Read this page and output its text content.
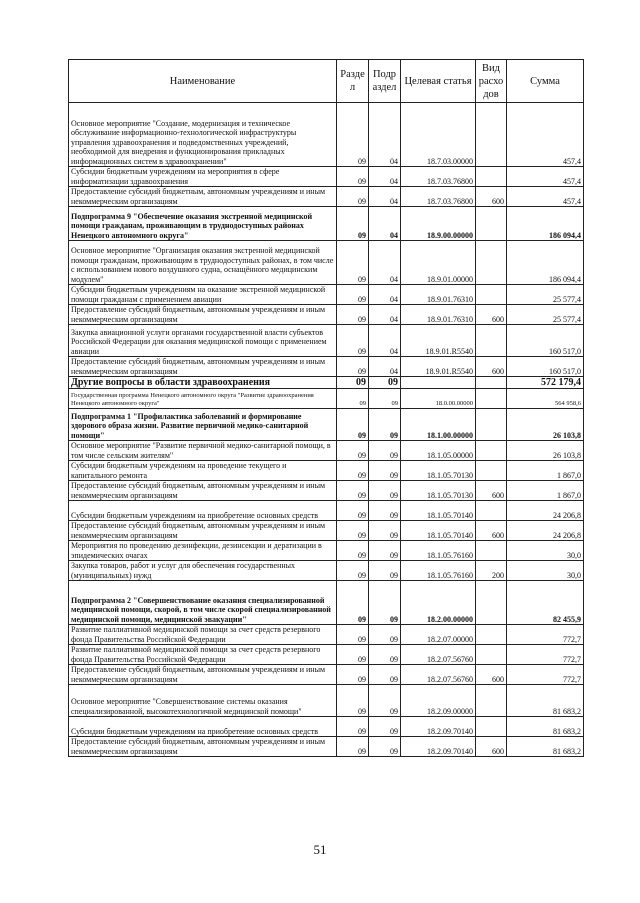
Наименование	Разде л	Подр аздел	Целевая статья	Вид расхо дов	Сумма
Основное мероприятие "Создание, модернизация и техническое обслуживание информационно-технологической инфраструктуры управления здравоохранения и подведомственных учреждений, необходимой для внедрения и функционирования прикладных информационных систем в здравоохранении"	09	04	18.7.03.00000		457,4
Субсидии бюджетным учреждениям на мероприятия в сфере информатизации здравоохранения	09	04	18.7.03.76800		457,4
Предоставление субсидий бюджетным, автономным учреждениям и иным некоммерческим организациям	09	04	18.7.03.76800	600	457,4
Подпрограмма 9 "Обеспечение оказания экстренной медицинской помощи гражданам, проживающим в труднодоступных районах Ненецкого автономного округа"	09	04	18.9.00.00000		186 094,4
Основное мероприятие "Организация оказания экстренной медицинской помощи гражданам, проживающим в труднодоступных районах, в том числе с использованием нового воздушного судна, оснащённого медицинским модулем"	09	04	18.9.01.00000		186 094,4
Субсидии бюджетным учреждениям на оказание экстренной медицинской помощи гражданам с применением авиации	09	04	18.9.01.76310		25 577,4
Предоставление субсидий бюджетным, автономным учреждениям и иным некоммерческим организациям	09	04	18.9.01.76310	600	25 577,4
Закупка авиационной услуги органами государственной власти субъектов Российской Федерации для оказания медицинской помощи с применением авиации	09	04	18.9.01.R5540		160 517,0
Предоставление субсидий бюджетным, автономным учреждениям и иным некоммерческим организациям	09	04	18.9.01.R5540	600	160 517,0
Другие вопросы в области здравоохранения	09	09			572 179,4
Государственная программа Ненецкого автономного округа "Развитие здравоохранения Ненецкого автономного округа"	09	09	18.0.00.00000		564 958,6
Подпрограмма 1 "Профилактика заболеваний и формирование здорового образа жизни. Развитие первичной медико-санитарной помощи"	09	09	18.1.00.00000		26 103,8
Основное мероприятие "Развитие первичной медико-санитарной помощи, в том числе сельским жителям"	09	09	18.1.05.00000		26 103,8
Субсидии бюджетным учреждениям на проведение текущего и капитального ремонта	09	09	18.1.05.70130		1 867,0
Предоставление субсидий бюджетным, автономным учреждениям и иным некоммерческим организациям	09	09	18.1.05.70130	600	1 867,0
Субсидии бюджетным учреждениям на приобретение основных средств	09	09	18.1.05.70140		24 206,8
Предоставление субсидий бюджетным, автономным учреждениям и иным некоммерческим организациям	09	09	18.1.05.70140	600	24 206,8
Мероприятия по проведению дезинфекции, дезинсекции и дератизации в эпидемических очагах	09	09	18.1.05.76160		30,0
Закупка товаров, работ и услуг для обеспечения государственных (муниципальных) нужд	09	09	18.1.05.76160	200	30,0
Подпрограмма 2 "Совершенствование оказания специализированной медицинской помощи, скорой, в том числе скорой специализированной медицинской помощи, медицинской эвакуации"	09	09	18.2.00.00000		82 455,9
Развитие паллиативной медицинской помощи за счет средств резервного фонда Правительства Российской Федерации	09	09	18.2.07.00000		772,7
Развитие паллиативной медицинской помощи за счет средств резервного фонда Правительства Российской Федерации	09	09	18.2.07.56760		772,7
Предоставление субсидий бюджетным, автономным учреждениям и иным некоммерческим организациям	09	09	18.2.07.56760	600	772,7
Основное мероприятие "Совершенствование системы оказания специализированной, высокотехнологичной медицинской помощи"	09	09	18.2.09.00000		81 683,2
Субсидии бюджетным учреждениям на приобретение основных средств	09	09	18.2.09.70140		81 683,2
Предоставление субсидий бюджетным, автономным учреждениям и иным некоммерческим организациям	09	09	18.2.09.70140	600	81 683,2
51
